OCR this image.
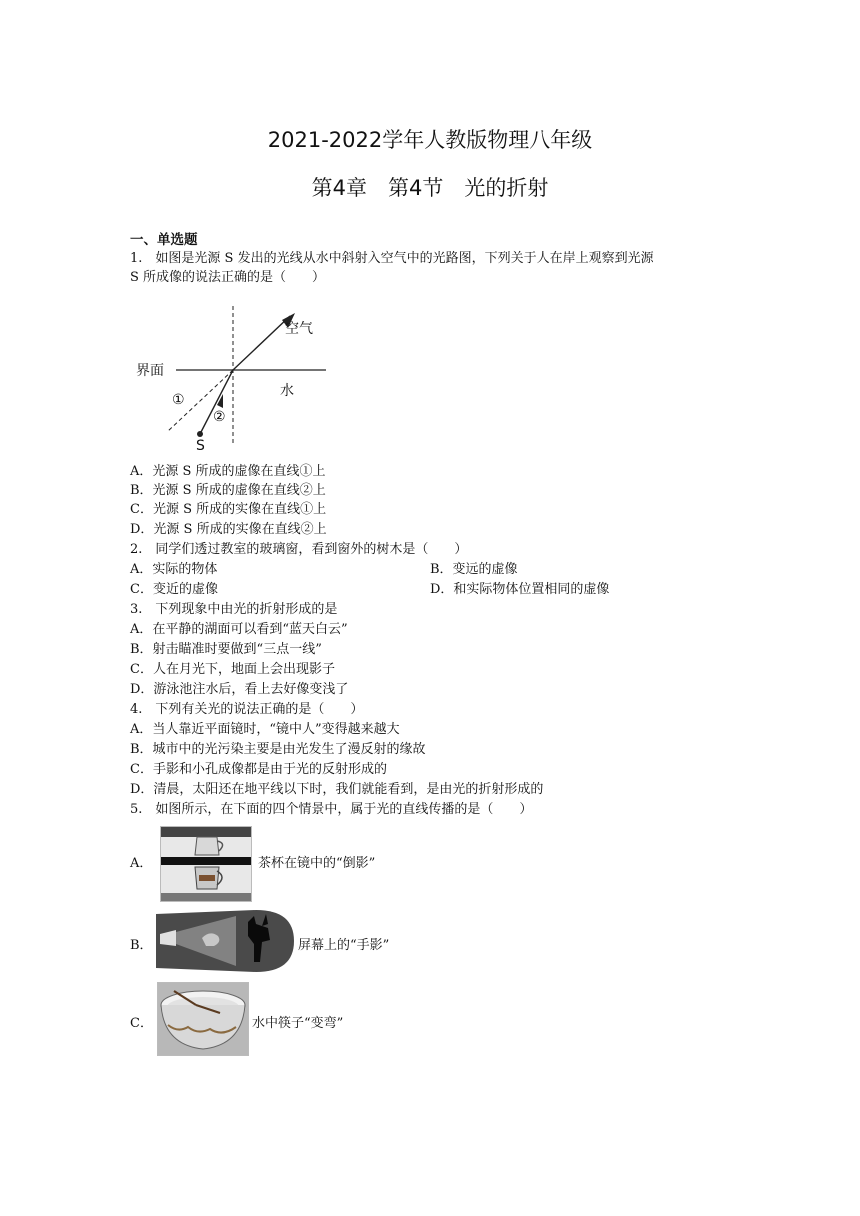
2021-2022学年人教版物理八年级
第4章　第4节　光的折射
一、单选题
1.　如图是光源 S 发出的光线从水中斜射入空气中的光路图，下列关于人在岸上观察到光源
S 所成像的说法正确的是（　　）
空气
界面
水
①
②
S
A．光源 S 所成的虚像在直线①上
B．光源 S 所成的虚像在直线②上
C．光源 S 所成的实像在直线①上
D．光源 S 所成的实像在直线②上
2.　同学们透过教室的玻璃窗，看到窗外的树木是（　　）
A．实际的物体	B．变远的虚像
C．变近的虚像	D．和实际物体位置相同的虚像
3.　下列现象中由光的折射形成的是
A．在平静的湖面可以看到“蓝天白云”
B．射击瞄准时要做到“三点一线”
C．人在月光下，地面上会出现影子
D．游泳池注水后，看上去好像变浅了
4.　下列有关光的说法正确的是（　　）
A．当人靠近平面镜时，“镜中人”变得越来越大
B．城市中的光污染主要是由光发生了漫反射的缘故
C．手影和小孔成像都是由于光的反射形成的
D．清晨，太阳还在地平线以下时，我们就能看到，是由光的折射形成的
5.　如图所示，在下面的四个情景中，属于光的直线传播的是（　　）
A．	茶杯在镜中的“倒影”
B．	屏幕上的“手影”
C．	水中筷子“变弯”
